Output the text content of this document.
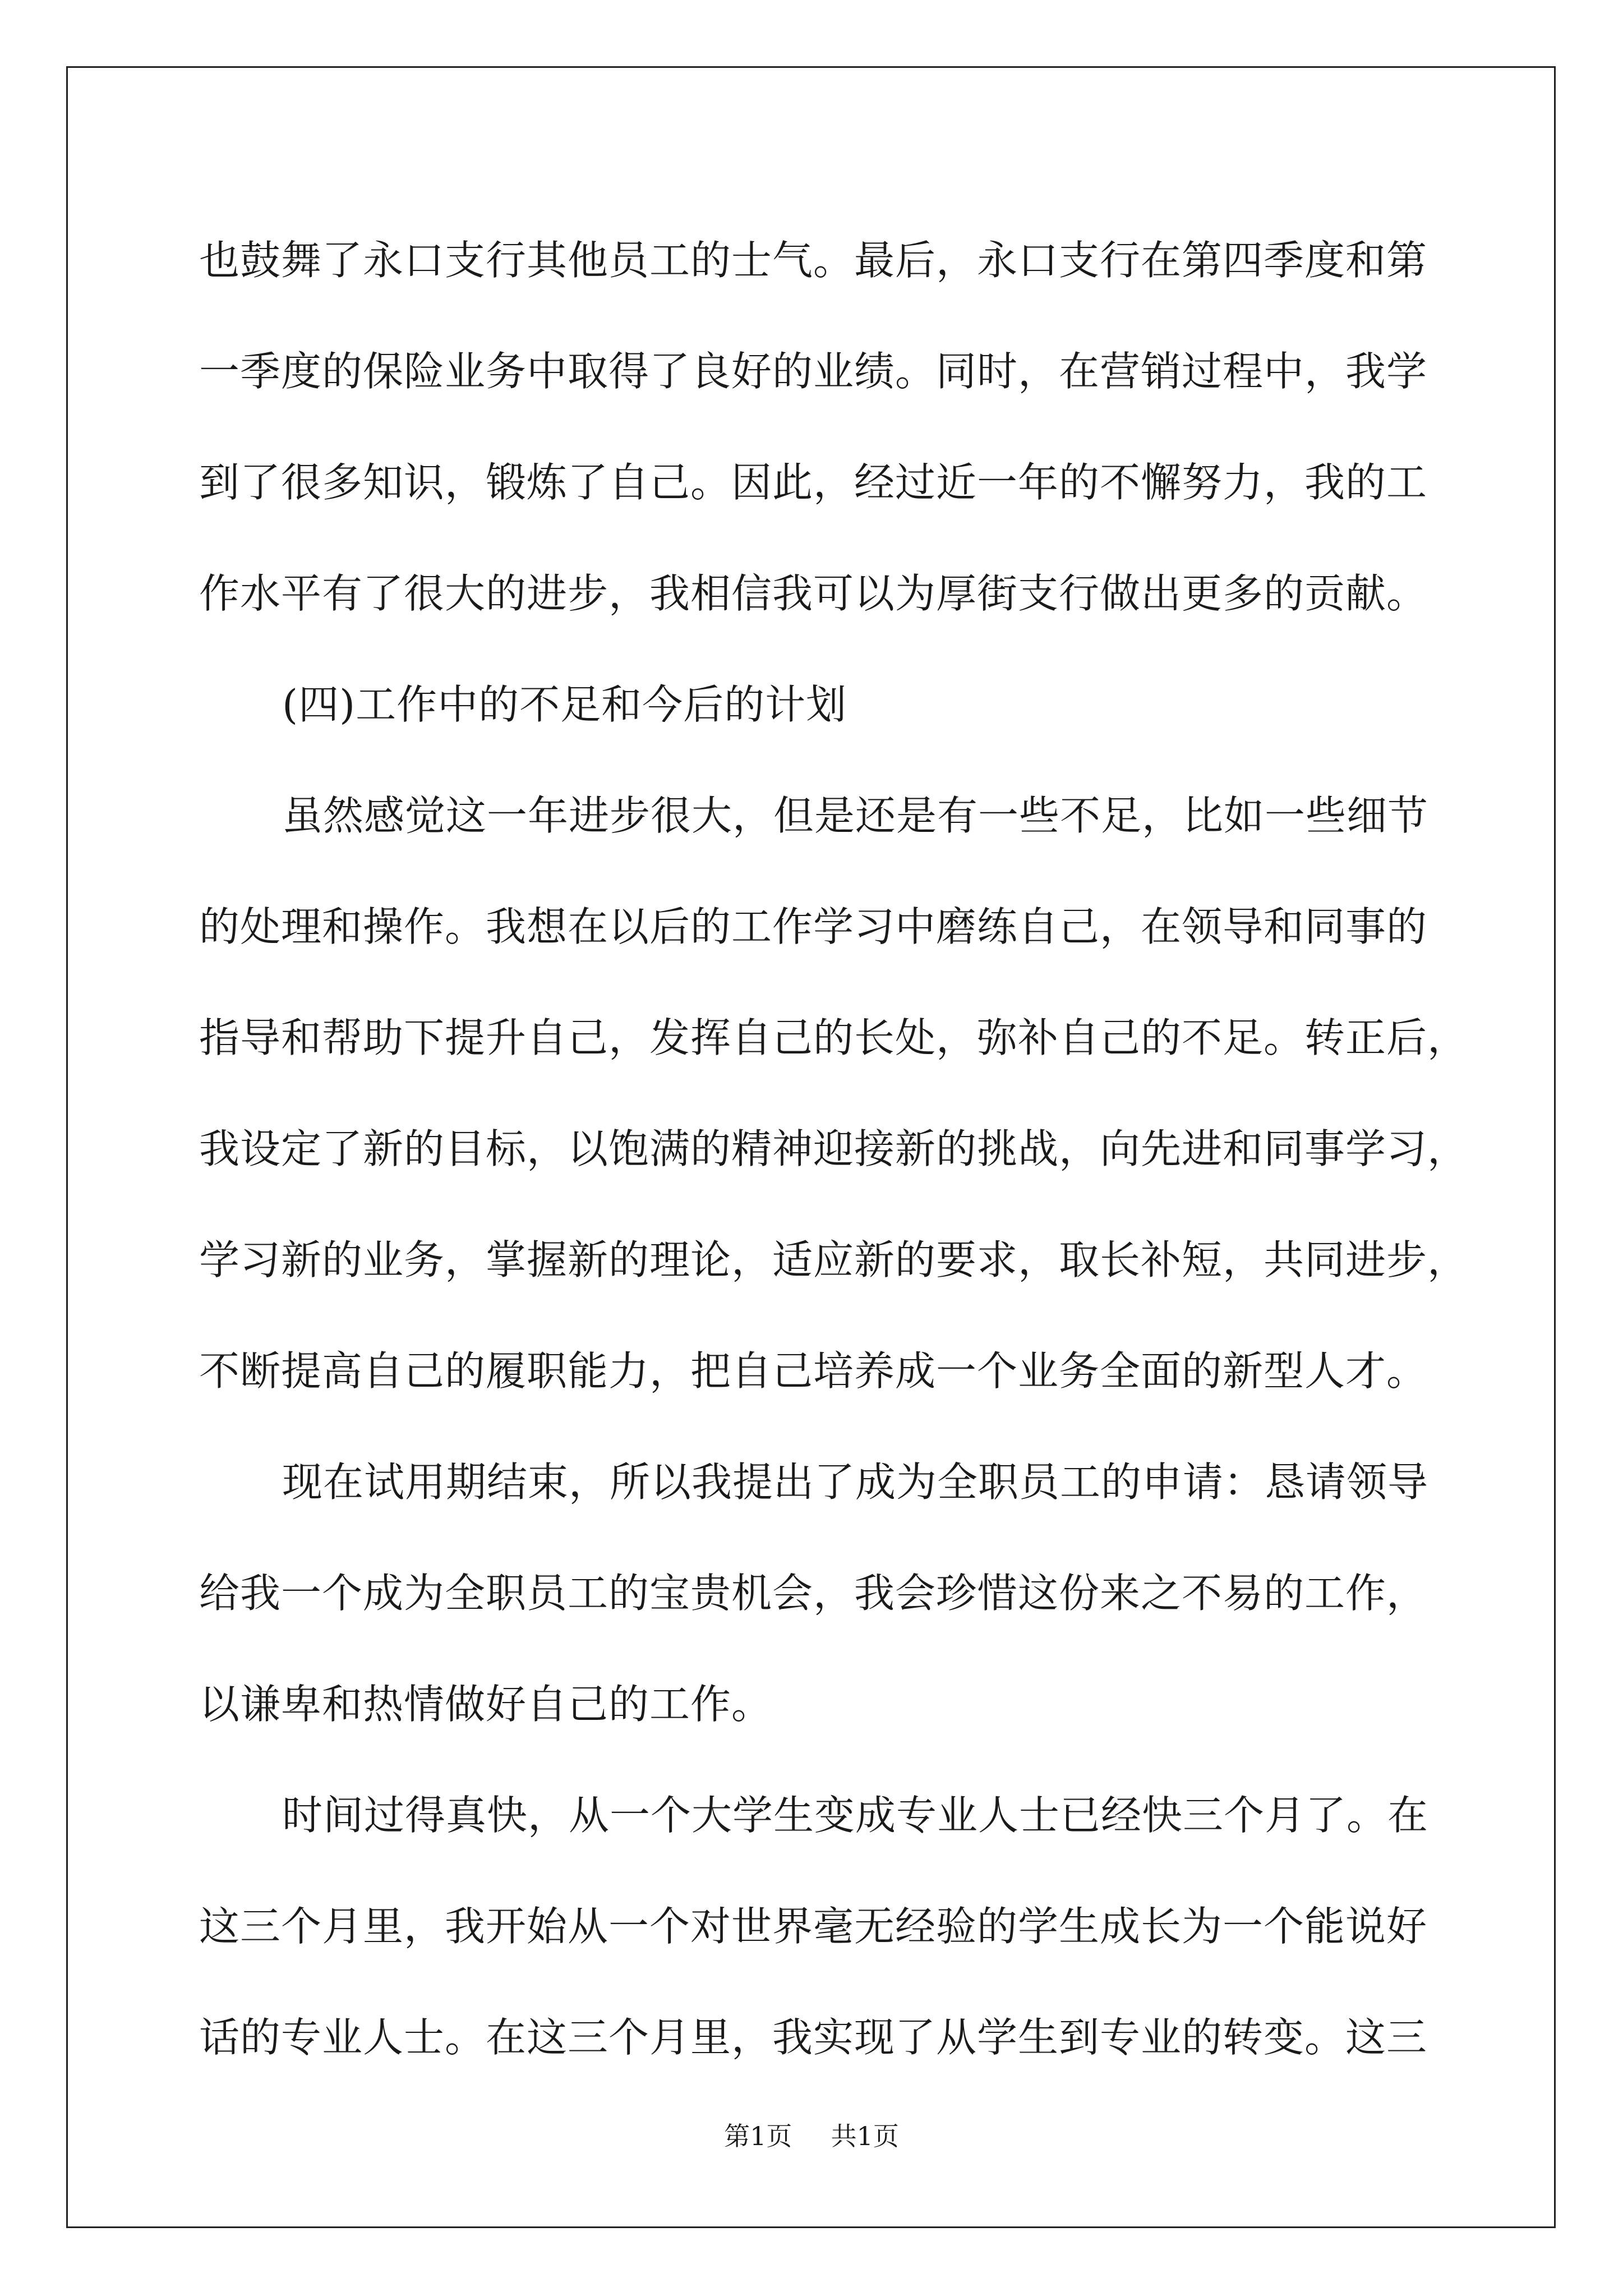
也鼓舞了永口支行其他员工的士气。最后，永口支行在第四季度和第
一季度的保险业务中取得了良好的业绩。同时，在营销过程中，我学
到了很多知识，锻炼了自己。因此，经过近一年的不懈努力，我的工
作水平有了很大的进步，我相信我可以为厚街支行做出更多的贡献。
(四)工作中的不足和今后的计划
虽然感觉这一年进步很大，但是还是有一些不足，比如一些细节
的处理和操作。我想在以后的工作学习中磨练自己，在领导和同事的
指导和帮助下提升自己，发挥自己的长处，弥补自己的不足。转正后，
我设定了新的目标，以饱满的精神迎接新的挑战，向先进和同事学习，
学习新的业务，掌握新的理论，适应新的要求，取长补短，共同进步，
不断提高自己的履职能力，把自己培养成一个业务全面的新型人才。
现在试用期结束，所以我提出了成为全职员工的申请：恳请领导
给我一个成为全职员工的宝贵机会，我会珍惜这份来之不易的工作，
以谦卑和热情做好自己的工作。
时间过得真快，从一个大学生变成专业人士已经快三个月了。在
这三个月里，我开始从一个对世界毫无经验的学生成长为一个能说好
话的专业人士。在这三个月里，我实现了从学生到专业的转变。这三
第1页 共1页
